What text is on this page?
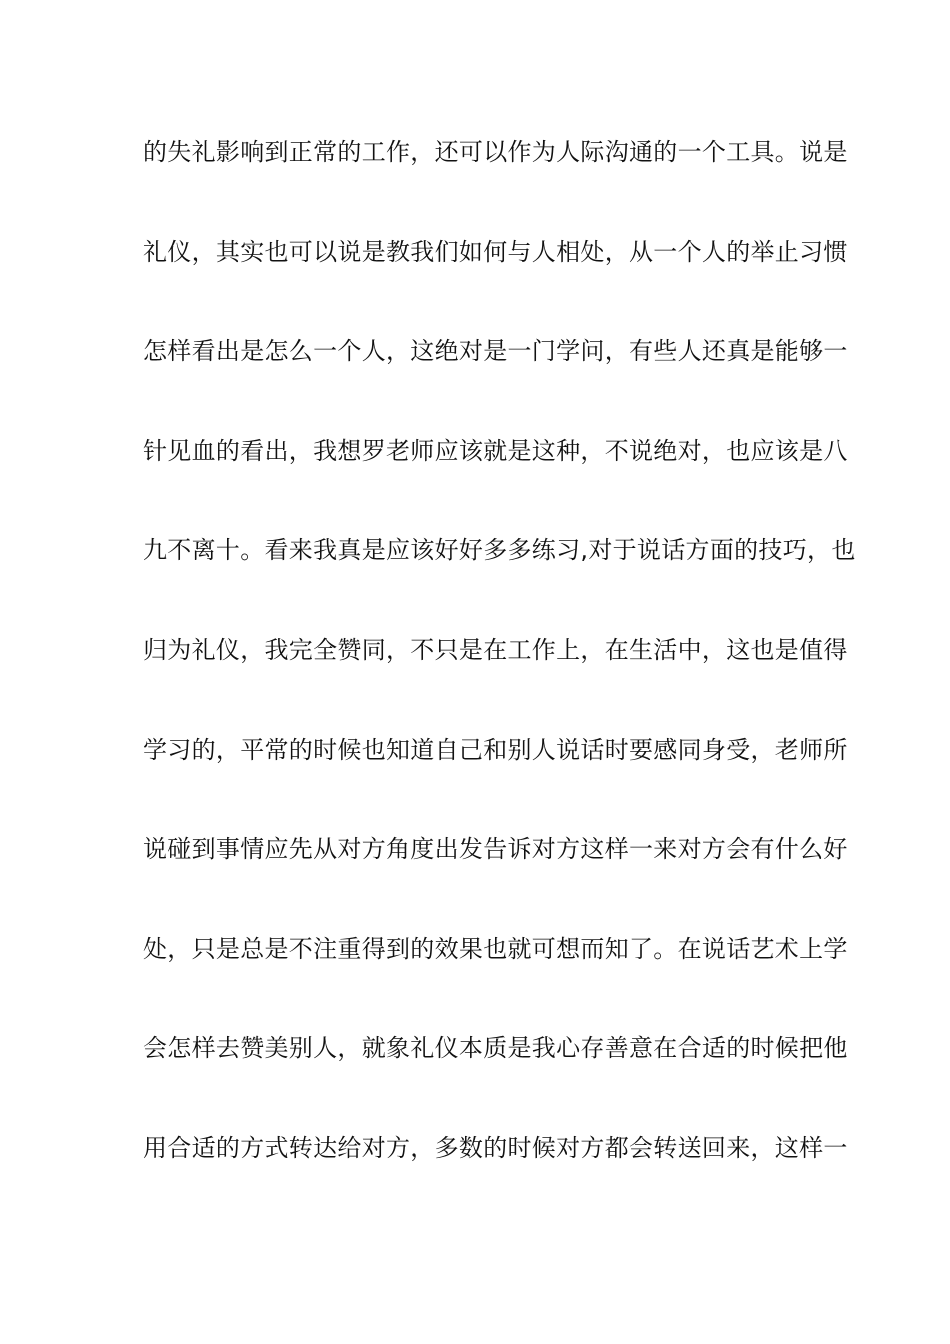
的失礼影响到正常的工作，还可以作为人际沟通的一个工具。说是
礼仪，其实也可以说是教我们如何与人相处，从一个人的举止习惯
怎样看出是怎么一个人，这绝对是一门学问，有些人还真是能够一
针见血的看出，我想罗老师应该就是这种，不说绝对，也应该是八
九不离十。看来我真是应该好好多多练习,对于说话方面的技巧，也
归为礼仪，我完全赞同，不只是在工作上，在生活中，这也是值得
学习的，平常的时候也知道自己和别人说话时要感同身受，老师所
说碰到事情应先从对方角度出发告诉对方这样一来对方会有什么好
处，只是总是不注重得到的效果也就可想而知了。在说话艺术上学
会怎样去赞美别人，就象礼仪本质是我心存善意在合适的时候把他
用合适的方式转达给对方，多数的时候对方都会转送回来，这样一
